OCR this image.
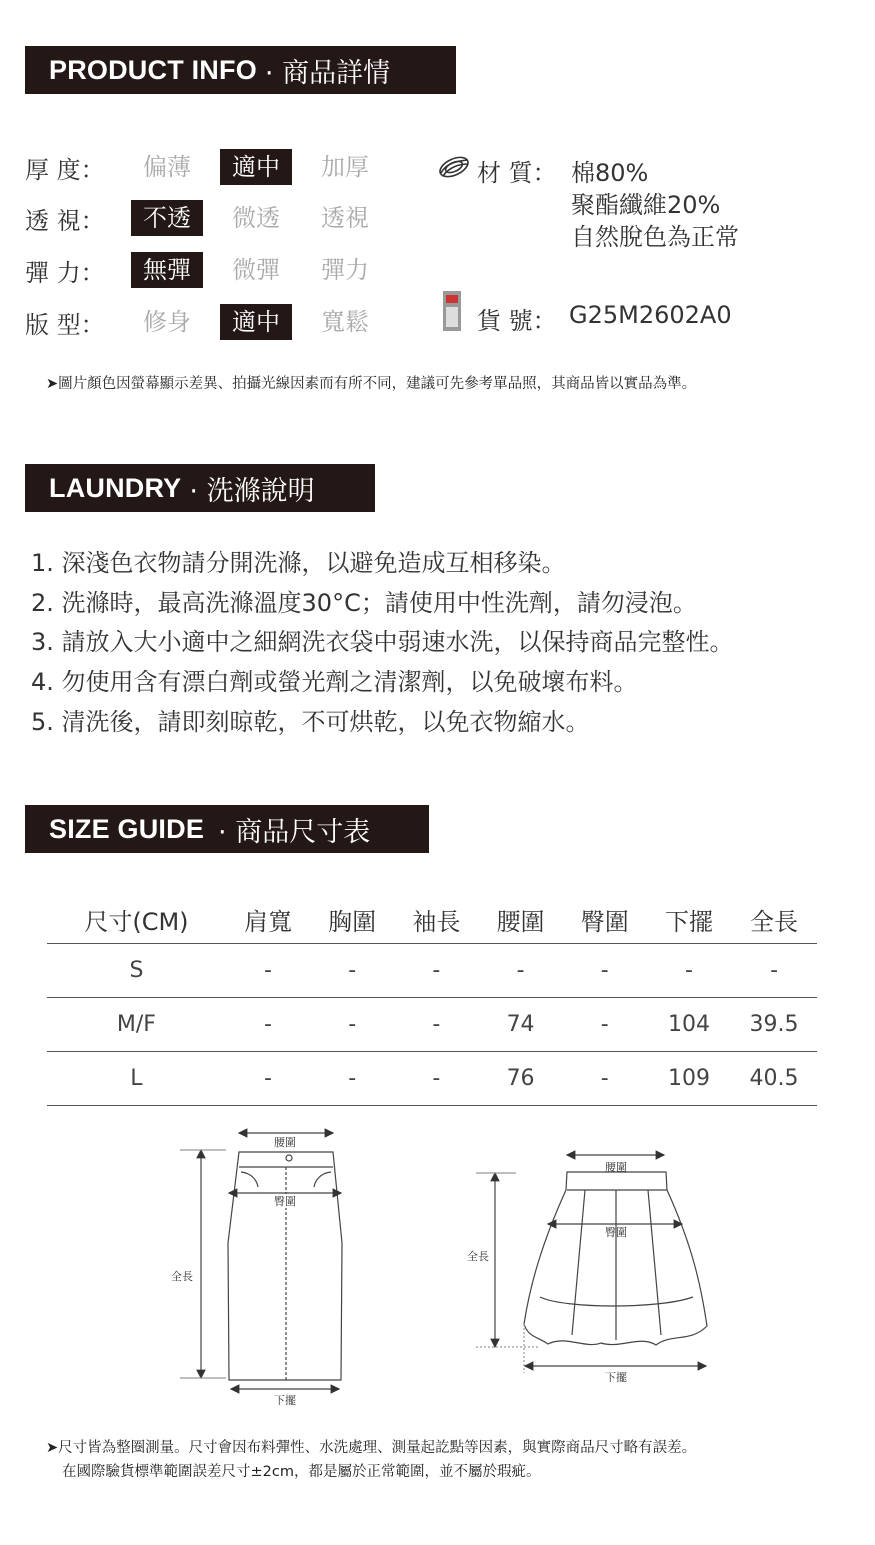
PRODUCT INFO · 商品詳情
厚 度：	偏薄	適中	加厚
透 視：	不透	微透	透視
彈 力：	無彈	微彈	彈力
版 型：	修身	適中	寬鬆
材 質： 棉80%
聚酯纖維20%
自然脫色為正常
貨 號： G25M2602A0
➤圖片顏色因螢幕顯示差異、拍攝光線因素而有所不同，建議可先參考單品照，其商品皆以實品為準。
LAUNDRY · 洗滌說明
1. 深淺色衣物請分開洗滌，以避免造成互相移染。
2. 洗滌時，最高洗滌溫度30°C；請使用中性洗劑，請勿浸泡。
3. 請放入大小適中之細網洗衣袋中弱速水洗，以保持商品完整性。
4. 勿使用含有漂白劑或螢光劑之清潔劑，以免破壞布料。
5. 清洗後，請即刻晾乾，不可烘乾，以免衣物縮水。
SIZE GUIDE · 商品尺寸表
尺寸(CM)	肩寬	胸圍	袖長	腰圍	臀圍	下擺	全長
S	-	-	-	-	-	-	-
M/F	-	-	-	74	-	104	39.5
L	-	-	-	76	-	109	40.5
腰圍
臀圍
全長
下擺
腰圍
臀圍
全長
下擺
➤尺寸皆為整圈測量。尺寸會因布料彈性、水洗處理、測量起訖點等因素，與實際商品尺寸略有誤差。
在國際驗貨標準範圍誤差尺寸±2cm，都是屬於正常範圍，並不屬於瑕疵。
